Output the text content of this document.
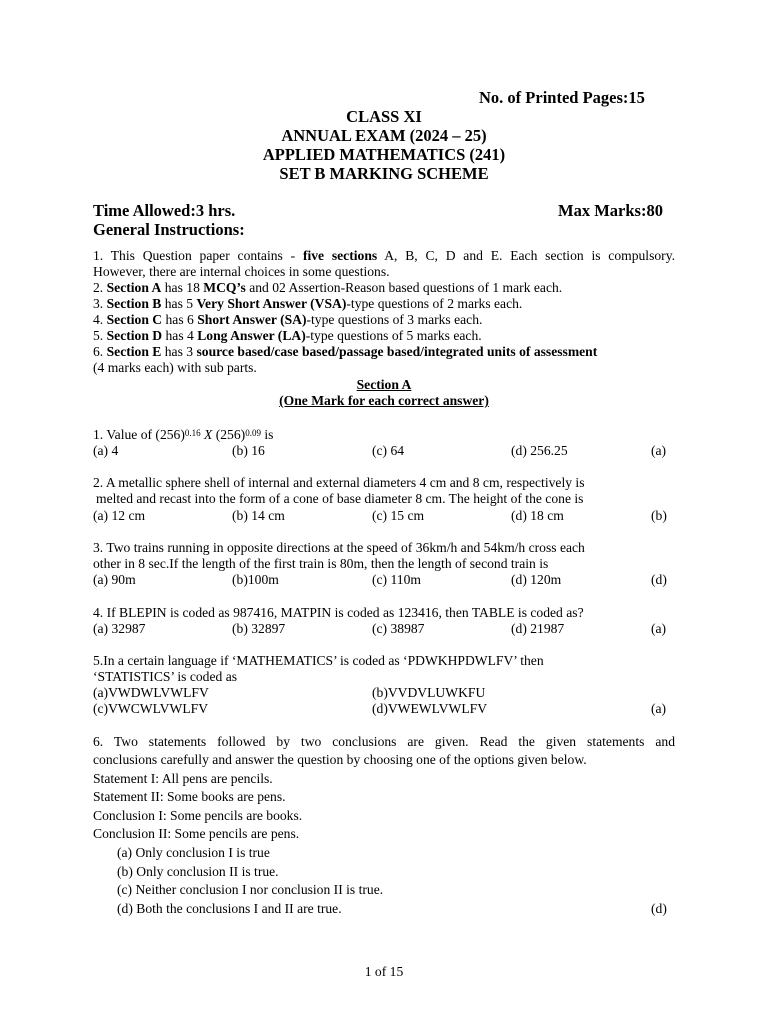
No. of Printed Pages:15
CLASS XI
ANNUAL EXAM (2024 – 25)
APPLIED MATHEMATICS (241)
SET B MARKING SCHEME
Time Allowed:3 hrs.	Max Marks:80
General Instructions:
1. This Question paper contains - five sections A, B, C, D and E. Each section is compulsory.
However, there are internal choices in some questions.
2. Section A has 18 MCQ’s and 02 Assertion-Reason based questions of 1 mark each.
3. Section B has 5 Very Short Answer (VSA)-type questions of 2 marks each.
4. Section C has 6 Short Answer (SA)-type questions of 3 marks each.
5. Section D has 4 Long Answer (LA)-type questions of 5 marks each.
6. Section E has 3 source based/case based/passage based/integrated units of assessment
(4 marks each) with sub parts.
Section A
(One Mark for each correct answer)
1. Value of $(256)^{0.16}$ X $(256)^{0.09}$ is
(a) 4	(b) 16	(c) 64	(d) 256.25	(a)
2. A metallic sphere shell of internal and external diameters 4 cm and 8 cm, respectively is
melted and recast into the form of a cone of base diameter 8 cm. The height of the cone is
(a) 12 cm	(b) 14 cm	(c) 15 cm	(d) 18 cm	(b)
3. Two trains running in opposite directions at the speed of 36km/h and 54km/h cross each
other in 8 sec.If the length of the first train is 80m, then the length of second train is
(a) 90m	(b)100m	(c) 110m	(d) 120m	(d)
4. If BLEPIN is coded as 987416, MATPIN is coded as 123416, then TABLE is coded as?
(a) 32987	(b) 32897	(c) 38987	(d) 21987	(a)
5.In a certain language if ‘MATHEMATICS’ is coded as ‘PDWKHPDWLFV’ then
‘STATISTICS’ is coded as
(a)VWDWLVWLFV	(b)VVDVLUWKFU
(c)VWCWLVWLFV	(d)VWEWLVWLFV	(a)
6. Two statements followed by two conclusions are given. Read the given statements and
conclusions carefully and answer the question by choosing one of the options given below.
Statement I: All pens are pencils.
Statement II: Some books are pens.
Conclusion I: Some pencils are books.
Conclusion II: Some pencils are pens.
(a) Only conclusion I is true
(b) Only conclusion II is true.
(c) Neither conclusion I nor conclusion II is true.
(d) Both the conclusions I and II are true.	(d)
1 of 15
